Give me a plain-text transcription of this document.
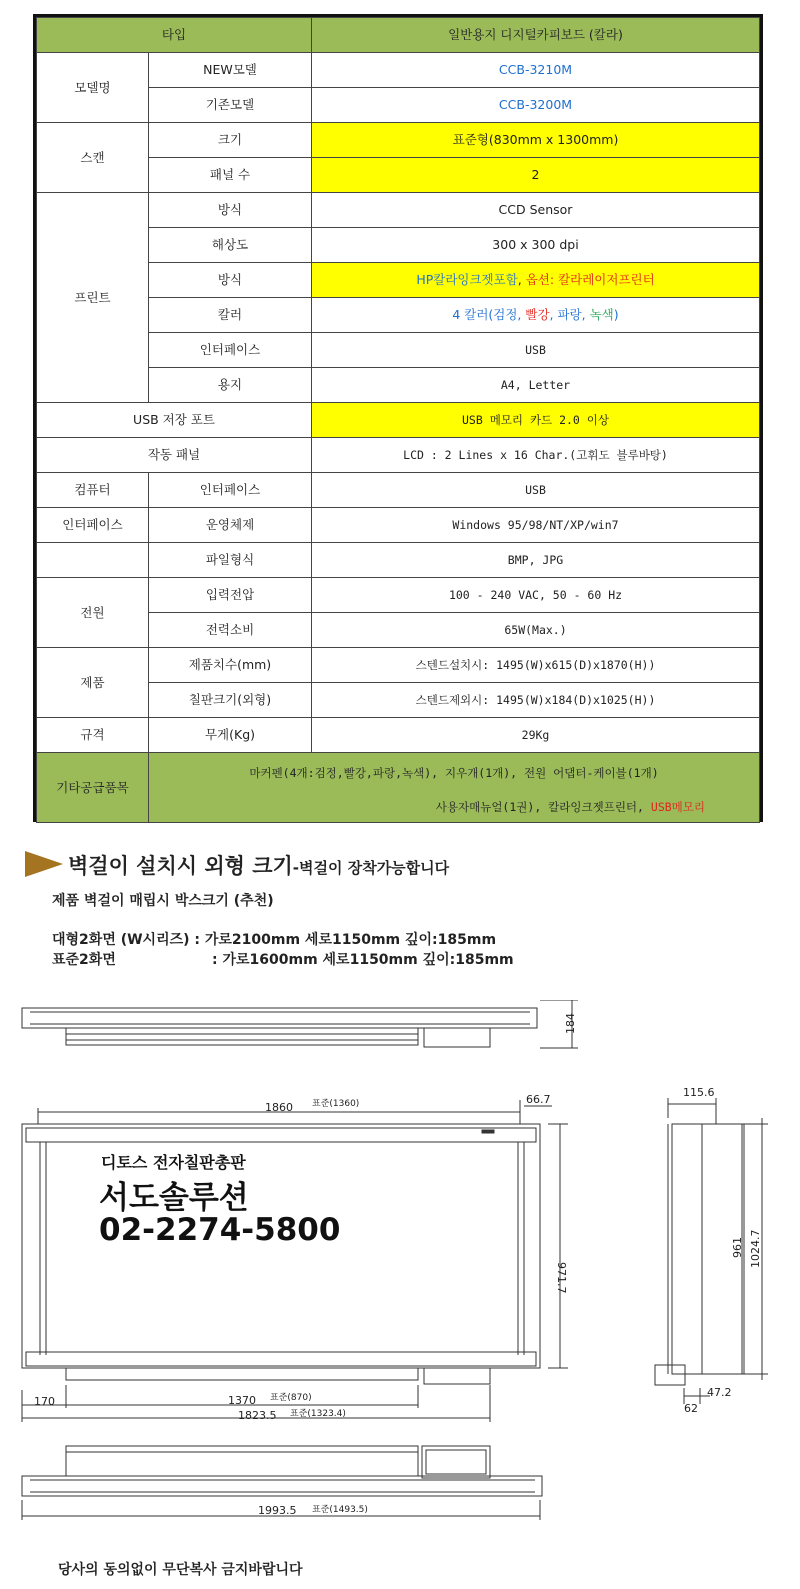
타입		일반용지 디지털카피보드 (칼라)
모델명	NEW모델	CCB-3210M
	기존모델	CCB-3200M
스캔	크기	표준형(830mm x 1300mm)
	패널 수	2
프린트	방식	CCD Sensor
	해상도	300 x 300 dpi
	방식	HP칼라잉크젯포함, 옵션: 칼라레이저프린터
	칼러	4 칼러(검정, 빨강, 파랑, 녹색)
	인터페이스	USB
	용지	A4, Letter
USB 저장 포트		USB 메모리 카드 2.0 이상
작동 패널		LCD : 2 Lines x 16 Char.(고휘도 블루바탕)
컴퓨터	인터페이스	USB
인터페이스	운영체제	Windows 95/98/NT/XP/win7
	파일형식	BMP, JPG
전원	입력전압	100 - 240 VAC, 50 - 60 Hz
	전력소비	65W(Max.)
제품	제품치수(mm)	스텐드설치시: 1495(W)x615(D)x1870(H))
	칠판크기(외형)	스텐드제외시: 1495(W)x184(D)x1025(H))
규격	무게(Kg)	29Kg
기타공급품목	마커펜(4개:검정,빨강,파랑,녹색), 지우개(1개), 전원 어댑터-케이블(1개)
사용자매뉴얼(1권), 칼라잉크젯프린터, USB메모리	
벽걸이 설치시 외형 크기-벽걸이 장착가능합니다
제품 벽걸이 매립시 박스크기 (추천)
대형2화면 (W시리즈) : 가로2100mm 세로1150mm 깊이:185mm
표준2화면	: 가로1600mm 세로1150mm 깊이:185mm
184
1860 표준(1360)	66.7
971.7
115.6
961 1024.7
170	1370 표준(870)
1823.5 표준(1323.4)
47.2
62
1993.5 표준(1493.5)
디토스 전자칠판총판
서도솔루션
02-2274-5800
당사의 동의없이 무단복사 금지바랍니다
